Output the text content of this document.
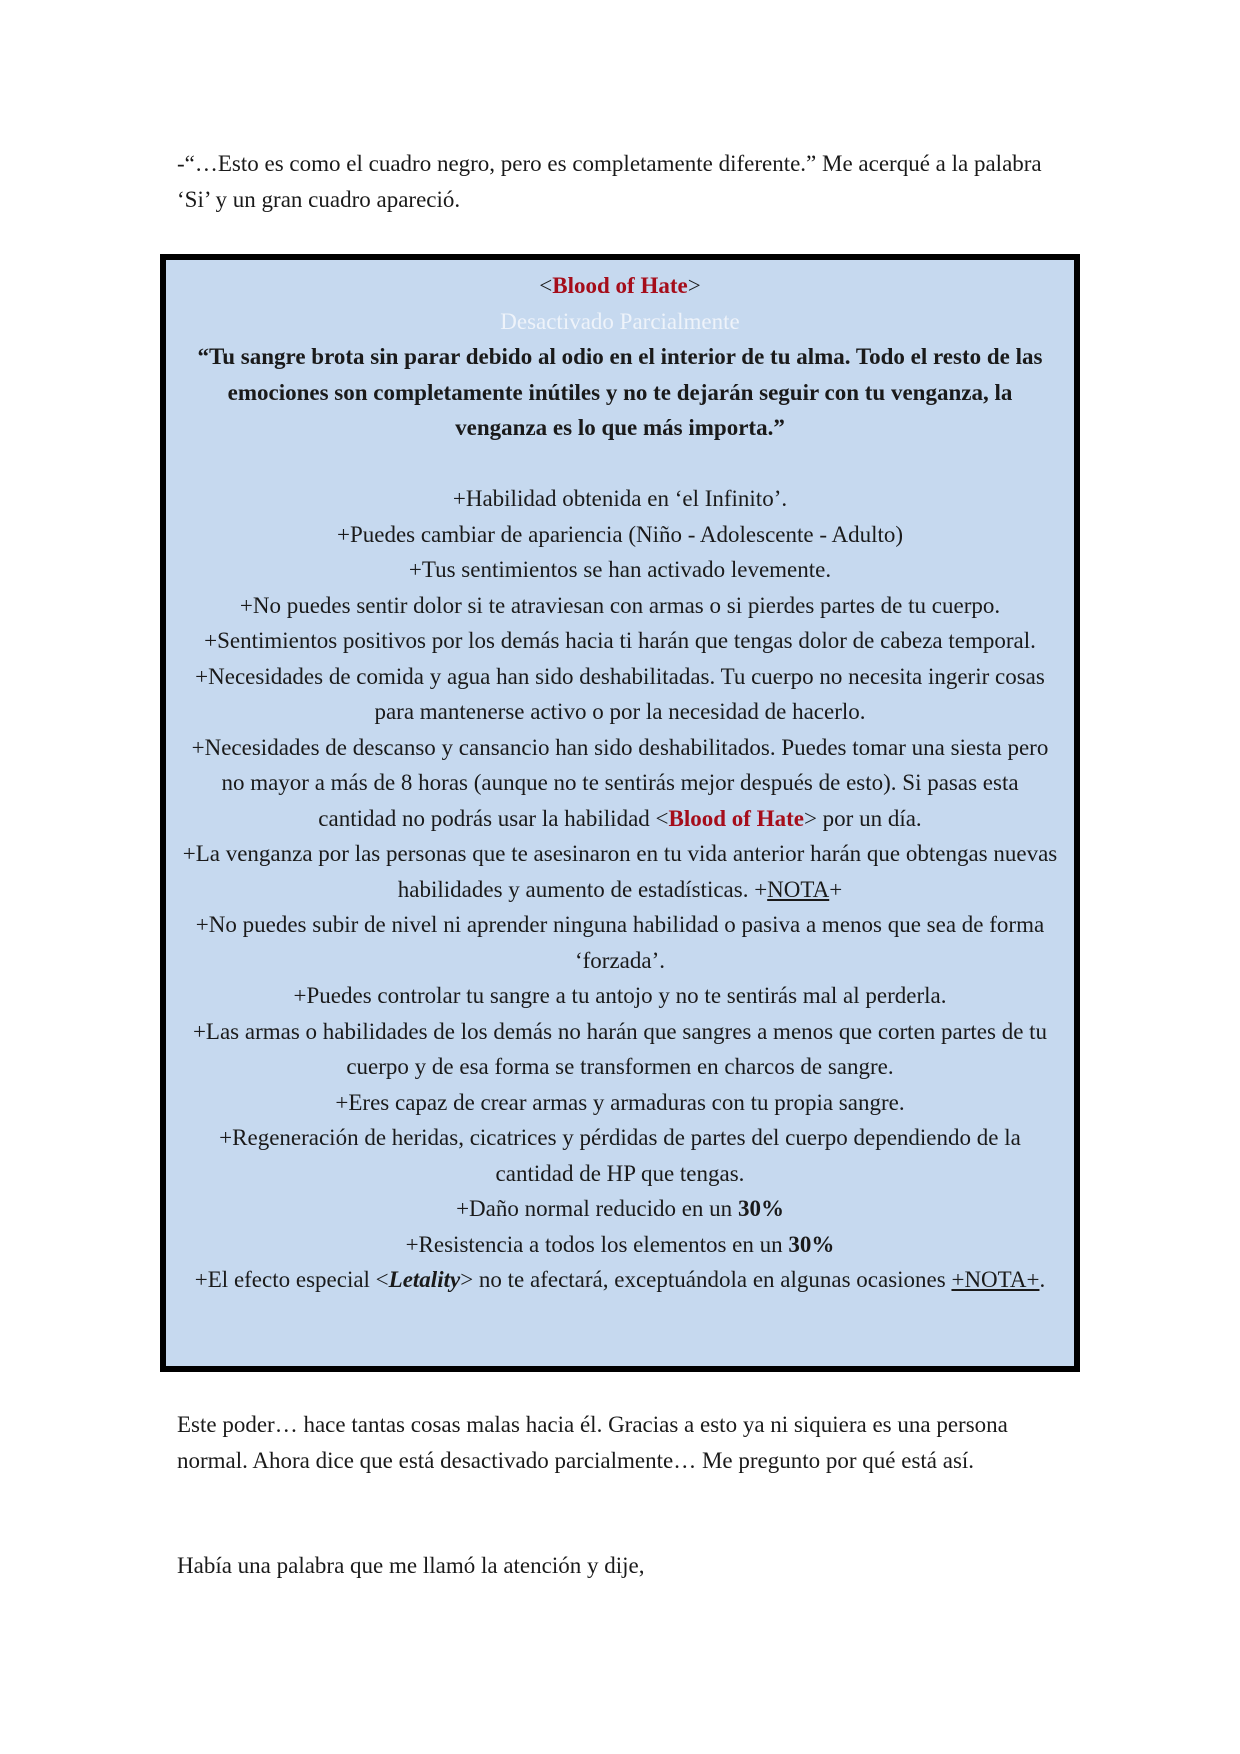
-“…Esto es como el cuadro negro, pero es completamente diferente.” Me acerqué a la palabra ‘Si’ y un gran cuadro apareció.

<Blood of Hate>

Desactivado Parcialmente

“Tu sangre brota sin parar debido al odio en el interior de tu alma. Todo el resto de las emociones son completamente inútiles y no te dejarán seguir con tu venganza, la venganza es lo que más importa.”

+Habilidad obtenida en ‘el Infinito’.

+Puedes cambiar de apariencia (Niño - Adolescente - Adulto)

+Tus sentimientos se han activado levemente.

+No puedes sentir dolor si te atraviesan con armas o si pierdes partes de tu cuerpo.

+Sentimientos positivos por los demás hacia ti harán que tengas dolor de cabeza temporal.

+Necesidades de comida y agua han sido deshabilitadas. Tu cuerpo no necesita ingerir cosas para mantenerse activo o por la necesidad de hacerlo.

+Necesidades de descanso y cansancio han sido deshabilitados. Puedes tomar una siesta pero no mayor a más de 8 horas (aunque no te sentirás mejor después de esto). Si pasas esta cantidad no podrás usar la habilidad <Blood of Hate> por un día.

+La venganza por las personas que te asesinaron en tu vida anterior harán que obtengas nuevas habilidades y aumento de estadísticas. +NOTA+

+No puedes subir de nivel ni aprender ninguna habilidad o pasiva a menos que sea de forma ‘forzada’.

+Puedes controlar tu sangre a tu antojo y no te sentirás mal al perderla.

+Las armas o habilidades de los demás no harán que sangres a menos que corten partes de tu cuerpo y de esa forma se transformen en charcos de sangre.

+Eres capaz de crear armas y armaduras con tu propia sangre.

+Regeneración de heridas, cicatrices y pérdidas de partes del cuerpo dependiendo de la cantidad de HP que tengas.

+Daño normal reducido en un 30%

+Resistencia a todos los elementos en un 30%

+El efecto especial <Letality> no te afectará, exceptuándola en algunas ocasiones +NOTA+.

Este poder… hace tantas cosas malas hacia él. Gracias a esto ya ni siquiera es una persona normal. Ahora dice que está desactivado parcialmente… Me pregunto por qué está así.

Había una palabra que me llamó la atención y dije,
